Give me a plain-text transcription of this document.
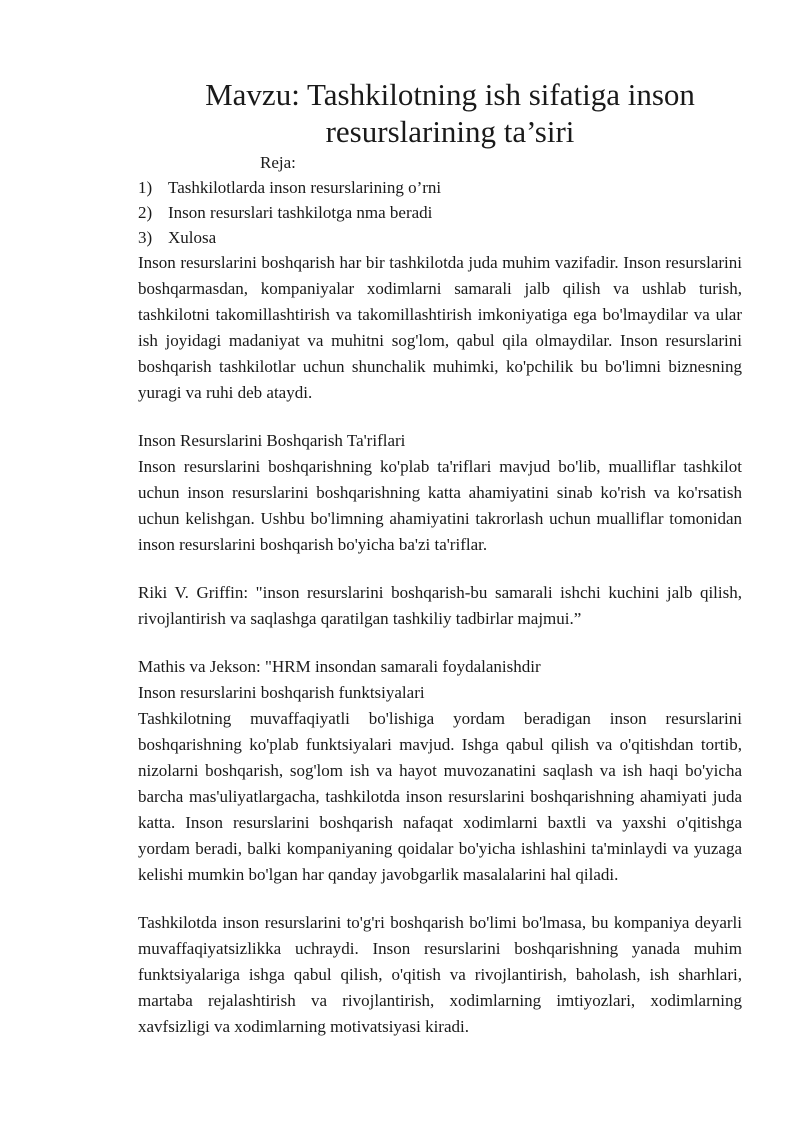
Mavzu: Tashkilotning ish sifatiga inson resurslarining ta’siri
Reja:
1) Tashkilotlarda inson resurslarining o’rni
2) Inson resurslari tashkilotga nma beradi
3) Xulosa

Inson resurslarini boshqarish har bir tashkilotda juda muhim vazifadir. Inson resurslarini boshqarmasdan, kompaniyalar xodimlarni samarali jalb qilish va ushlab turish, tashkilotni takomillashtirish va takomillashtirish imkoniyatiga ega bo'lmaydilar va ular ish joyidagi madaniyat va muhitni sog'lom, qabul qila olmaydilar. Inson resurslarini boshqarish tashkilotlar uchun shunchalik muhimki, ko'pchilik bu bo'limni biznesning yuragi va ruhi deb ataydi.

Inson Resurslarini Boshqarish Ta'riflari

Inson resurslarini boshqarishning ko'plab ta'riflari mavjud bo'lib, mualliflar tashkilot uchun inson resurslarini boshqarishning katta ahamiyatini sinab ko'rish va ko'rsatish uchun kelishgan. Ushbu bo'limning ahamiyatini takrorlash uchun mualliflar tomonidan inson resurslarini boshqarish bo'yicha ba'zi ta'riflar.

Riki V. Griffin: "inson resurslarini boshqarish-bu samarali ishchi kuchini jalb qilish, rivojlantirish va saqlashga qaratilgan tashkiliy tadbirlar majmui.”

Mathis va Jekson: "HRM insondan samarali foydalanishdir
Inson resurslarini boshqarish funktsiyalari

Tashkilotning muvaffaqiyatli bo'lishiga yordam beradigan inson resurslarini boshqarishning ko'plab funktsiyalari mavjud. Ishga qabul qilish va o'qitishdan tortib, nizolarni boshqarish, sog'lom ish va hayot muvozanatini saqlash va ish haqi bo'yicha barcha mas'uliyatlargacha, tashkilotda inson resurslarini boshqarishning ahamiyati juda katta. Inson resurslarini boshqarish nafaqat xodimlarni baxtli va yaxshi o'qitishga yordam beradi, balki kompaniyaning qoidalar bo'yicha ishlashini ta'minlaydi va yuzaga kelishi mumkin bo'lgan har qanday javobgarlik masalalarini hal qiladi.

Tashkilotda inson resurslarini to'g'ri boshqarish bo'limi bo'lmasa, bu kompaniya deyarli muvaffaqiyatsizlikka uchraydi. Inson resurslarini boshqarishning yanada muhim funktsiyalariga ishga qabul qilish, o'qitish va rivojlantirish, baholash, ish sharhlari, martaba rejalashtirish va rivojlantirish, xodimlarning imtiyozlari, xodimlarning xavfsizligi va xodimlarning motivatsiyasi kiradi.
